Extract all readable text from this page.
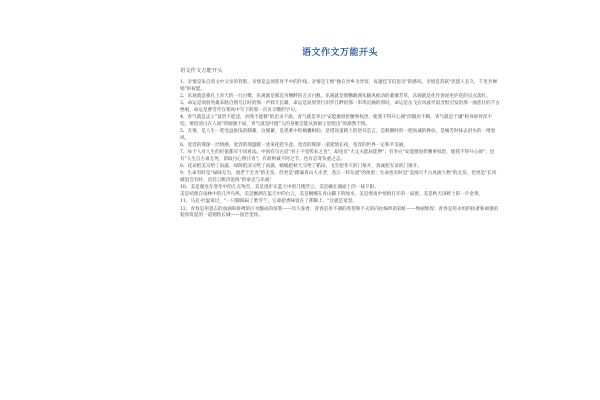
语文作文万能开头
语文作文万能开头

1、亲情是朱自清文中父亲的背影。亲情是孟郊慈母手中的针线。亲情是王维"独在异乡为异客，每逢佳节倍思亲"的感叹。亲情是苏轼"但愿人长久，千里共婵娟"的祝愿。

2、乐观就是那孔上青天的一行白鹭，乐观就是那沉舟侧畔的万点白帆。乐观就是那鹦鹉洲头随风摇动的萋萋芳草，乐观就是化作春泥更护花的点点落红。

3、命运是项羽英雄末路自刎乌江时的那一声仰天长啸，命运是屈原穿行汨罗江畔的那一串串沉痛的叩问，命运是岳飞在风波亭前含恨引发的那一曲悲壮的千古绝唱，命运是曹雪芹在寒风中写下的那一页页辛酸的字句。

4、青气就是孟子"富贵不能淫，贫贱不能移"的忠贞不渝，青气就是李白"安能摧眉折腰事权贵，使我不得开心颜"的傲岸不羁，青气就是于谦"粉身碎骨浑不怕，要留清白在人间"的刚强不屈，青气就是叶挺"人的身躯怎能从狗洞子里爬出"的凛然不惧。

5、友情，是人生一笔受益匪浅的储蓄。这储蓄，是患难中的倾囊相助，是错误道路上的逆耳忠言，是跌倒时的一把真诚的搀扶，是痛苦时抹去泪水的一缕春风。

6、宽容的那深一层情感，宽容的那温暖一述来抚慰失意，宽容的那深一道延情长夜，宽容的世界一定和平美丽。

7、每个人对人生的价值都有不同看法。中国有句古话"君子不受嗟来之食"，却也有"大丈夫能屈能伸"；有李白"安能摧眉折腰事权贵，使我不得开心颜"；也有"人生自古谁无死，留取丹心照汗青"；有胡则诚不阿之节，也有忍辱负重之志。

8、花朵把美交给了雨露，绿荫把凉交给了雨露，蜻蜓把秋天交给了稻田，飞雪把冬天的门推开，真诚把友谊的门推开。

9、生命有时是"碌碌无为，衰老于无为"的无奈，但更是"踏遍青山人未老，苍江一样东流"的执着；生命也有时是"浪淘尽千古风流人物"的无奈，但更是"长风破浪会有时，直挂云帆济沧海"的豪迈与乐观！

10、美是谢连在寒冬中的几点残雪，美是漫步在蓝天中的几缕浮云，美是碾在湖面上的一抹夕阳。

美是初蕾在雨林中的几声鸟鸣，美是飘洒在蓝天中的白云，美是婀娜在青山脚下的绿水，美是寒夜中悄悄打开的一扇窗。美是秋天田野上的一片金黄。

11、马克·吐温说过，"一只脚踩扁了紫罗兰，它却把香味留在了那脚上。"这就是宽容。

12、青春是用意志的血滴和拼搏的汗水酿成的琼浆——历久弥香；青春是用不凋的希望和不灭的向往编织的彩虹——绚丽辉煌；青春是用永恒的执著和顽强的韧劲筑起的一道钢铁长城——固若金汤。
